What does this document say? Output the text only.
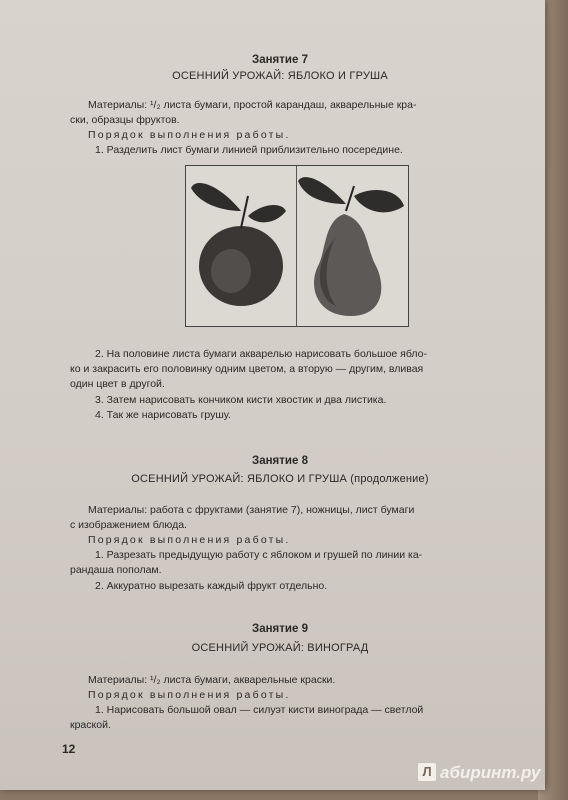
Занятие 7
ОСЕННИЙ УРОЖАЙ: ЯБЛОКО И ГРУША
Материалы: ¹/₂ листа бумаги, простой карандаш, акварельные кра-
ски, образцы фруктов.
Порядок выполнения работы.
1. Разделить лист бумаги линией приблизительно посередине.
2. На половине листа бумаги акварелью нарисовать большое ябло-
ко и закрасить его половинку одним цветом, а вторую — другим, вливая
один цвет в другой.
3. Затем нарисовать кончиком кисти хвостик и два листика.
4. Так же нарисовать грушу.
Занятие 8
ОСЕННИЙ УРОЖАЙ: ЯБЛОКО И ГРУША (продолжение)
Материалы: работа с фруктами (занятие 7), ножницы, лист бумаги
с изображением блюда.
Порядок выполнения работы.
1. Разрезать предыдущую работу с яблоком и грушей по линии ка-
рандаша пополам.
2. Аккуратно вырезать каждый фрукт отдельно.
Занятие 9
ОСЕННИЙ УРОЖАЙ: ВИНОГРАД
Материалы: ¹/₂ листа бумаги, акварельные краски.
Порядок выполнения работы.
1. Нарисовать большой овал — силуэт кисти винограда — светлой
краской.
12
Л абиринт.ру
